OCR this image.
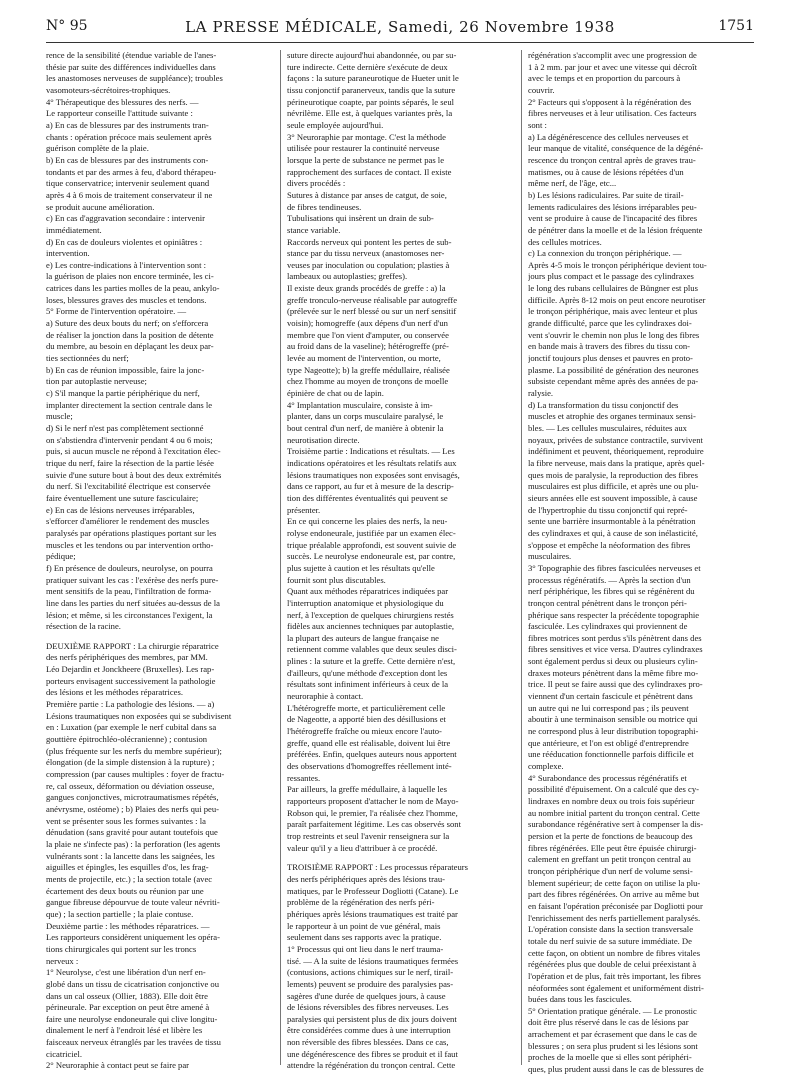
N° 95	LA PRESSE MÉDICALE, Samedi, 26 Novembre 1938	1751
rence de la sensibilité (étendue variable de l'anes-
thésie par suite des différences individuelles dans
les anastomoses nerveuses de suppléance); troubles
vasomoteurs-sécrétoires-trophiques.
4° Thérapeutique des blessures des nerfs. —
Le rapporteur conseille l'attitude suivante :
a) En cas de blessures par des instruments tran-
chants : opération précoce mais seulement après
guérison complète de la plaie.
b) En cas de blessures par des instruments con-
tondants et par des armes à feu, d'abord thérapeu-
tique conservatrice; intervenir seulement quand
après 4 à 6 mois de traitement conservateur il ne
se produit aucune amélioration.
c) En cas d'aggravation secondaire : intervenir
immédiatement.
d) En cas de douleurs violentes et opiniâtres :
intervention.
e) Les contre-indications à l'intervention sont :
la guérison de plaies non encore terminée, les ci-
catrices dans les parties molles de la peau, ankylo-
loses, blessures graves des muscles et tendons.
5° Forme de l'intervention opératoire. —
a) Suture des deux bouts du nerf; on s'efforcera
de réaliser la jonction dans la position de détente
du membre, au besoin en déplaçant les deux par-
ties sectionnées du nerf;
b) En cas de réunion impossible, faire la jonc-
tion par autoplastie nerveuse;
c) S'il manque la partie périphérique du nerf,
implanter directement la section centrale dans le
muscle;
d) Si le nerf n'est pas complètement sectionné
on s'abstiendra d'intervenir pendant 4 ou 6 mois;
puis, si aucun muscle ne répond à l'excitation élec-
trique du nerf, faire la résection de la partie lésée
suivie d'une suture bout à bout des deux extrémités
du nerf. Si l'excitabilité électrique est conservée
faire éventuellement une suture fasciculaire;
e) En cas de lésions nerveuses irréparables,
s'efforcer d'améliorer le rendement des muscles
paralysés par opérations plastiques portant sur les
muscles et les tendons ou par intervention ortho-
pédique;
f) En présence de douleurs, neurolyse, on pourra
pratiquer suivant les cas : l'exérèse des nerfs pure-
ment sensitifs de la peau, l'infiltration de forma-
line dans les parties du nerf situées au-dessus de la
lésion; et même, si les circonstances l'exigent, la
résection de la racine.
DEUXIÈME RAPPORT : La chirurgie réparatrice
des nerfs périphériques des membres, par MM.
Léo Dejardin et Jonckheere (Bruxelles). Les rap-
porteurs envisagent successivement la pathologie
des lésions et les méthodes réparatrices.
Première partie : La pathologie des lésions. — a)
Lésions traumatiques non exposées qui se subdivisent
en : Luxation (par exemple le nerf cubital dans sa
gouttière épitrochléo-olécranienne) ; contusion
(plus fréquente sur les nerfs du membre supérieur);
élongation (de la simple distension à la rupture) ;
compression (par causes multiples : foyer de fractu-
re, cal osseux, déformation ou déviation osseuse,
gangues conjonctives, microtraumatismes répétés,
anévrysme, ostéome) ; b) Plaies des nerfs qui peu-
vent se présenter sous les formes suivantes : la
dénudation (sans gravité pour autant toutefois que
la plaie ne s'infecte pas) : la perforation (les agents
vulnérants sont : la lancette dans les saignées, les
aiguilles et épingles, les esquilles d'os, les frag-
ments de projectile, etc.) ; la section totale (avec
écartement des deux bouts ou réunion par une
gangue fibreuse dépourvue de toute valeur névriti-
que) ; la section partielle ; la plaie contuse.
Deuxième partie : les méthodes réparatrices. —
Les rapporteurs considèrent uniquement les opéra-
tions chirurgicales qui portent sur les troncs
nerveux :
1° Neurolyse, c'est une libération d'un nerf en-
globé dans un tissu de cicatrisation conjonctive ou
dans un cal osseux (Ollier, 1883). Elle doit être
périneurale. Par exception on peut être amené à
faire une neurolyse endoneurale qui clive longitu-
dinalement le nerf à l'endroit lésé et libère les
faisceaux nerveux étranglés par les travées de tissu
cicatriciel.
2° Neuroraphie à contact peut se faire par
suture directe aujourd'hui abandonnée, ou par su-
ture indirecte. Cette dernière s'exécute de deux
façons : la suture paraneurotique de Hueter unit le
tissu conjonctif paranerveux, tandis que la suture
périneurotique coapte, par points séparés, le seul
névrilème. Elle est, à quelques variantes près, la
seule employée aujourd'hui.
3° Neuroraphie par montage. C'est la méthode
utilisée pour restaurer la continuité nerveuse
lorsque la perte de substance ne permet pas le
rapprochement des surfaces de contact. Il existe
divers procédés :
Sutures à distance par anses de catgut, de soie,
de fibres tendineuses.
Tubulisations qui insèrent un drain de sub-
stance variable.
Raccords nerveux qui pontent les pertes de sub-
stance par du tissu nerveux (anastomoses ner-
veuses par inoculation ou copulation; plasties à
lambeaux ou autoplasties; greffes).
Il existe deux grands procédés de greffe : a) la
greffe tronculo-nerveuse réalisable par autogreffe
(prélevée sur le nerf blessé ou sur un nerf sensitif
voisin); homogreffe (aux dépens d'un nerf d'un
membre que l'on vient d'amputer, ou conservée
au froid dans de la vaseline); hétérogreffe (pré-
levée au moment de l'intervention, ou morte,
type Nageotte); b) la greffe médullaire, réalisée
chez l'homme au moyen de tronçons de moelle
épinière de chat ou de lapin.
4° Implantation musculaire, consiste à im-
planter, dans un corps musculaire paralysé, le
bout central d'un nerf, de manière à obtenir la
neurotisation directe.
Troisième partie : Indications et résultats. — Les
indications opératoires et les résultats relatifs aux
lésions traumatiques non exposées sont envisagés,
dans ce rapport, au fur et à mesure de la descrip-
tion des différentes éventualités qui peuvent se
présenter.
En ce qui concerne les plaies des nerfs, la neu-
rolyse endoneurale, justifiée par un examen élec-
trique préalable approfondi, est souvent suivie de
succès. Le neurolyse endoneurale est, par contre,
plus sujette à caution et les résultats qu'elle
fournit sont plus discutables.
Quant aux méthodes réparatrices indiquées par
l'interruption anatomique et physiologique du
nerf, à l'exception de quelques chirurgiens restés
fidèles aux anciennes techniques par autoplastie,
la plupart des auteurs de langue française ne
retiennent comme valables que deux seules disci-
plines : la suture et la greffe. Cette dernière n'est,
d'ailleurs, qu'une méthode d'exception dont les
résultats sont infiniment inférieurs à ceux de la
neuroraphie à contact.
L'hétérogreffe morte, et particulièrement celle
de Nageotte, a apporté bien des désillusions et
l'hétérogreffe fraîche ou mieux encore l'auto-
greffe, quand elle est réalisable, doivent lui être
préférées. Enfin, quelques auteurs nous apportent
des observations d'homogreffes réellement inté-
ressantes.
Par ailleurs, la greffe médullaire, à laquelle les
rapporteurs proposent d'attacher le nom de Mayo-
Robson qui, le premier, l'a réalisée chez l'homme,
paraît parfaitement légitime. Les cas observés sont
trop restreints et seul l'avenir renseignera sur la
valeur qu'il y a lieu d'attribuer à ce procédé.
TROISIÈME RAPPORT : Les processus réparateurs
des nerfs périphériques après des lésions trau-
matiques, par le Professeur Dogliotti (Catane). Le
problème de la régénération des nerfs péri-
phériques après lésions traumatiques est traité par
le rapporteur à un point de vue général, mais
seulement dans ses rapports avec la pratique.
1° Processus qui ont lieu dans le nerf trauma-
tisé. — A la suite de lésions traumatiques fermées
(contusions, actions chimiques sur le nerf, tirail-
lements) peuvent se produire des paralysies pas-
sagères d'une durée de quelques jours, à cause
de lésions réversibles des fibres nerveuses. Les
paralysies qui persistent plus de dix jours doivent
être considérées comme dues à une interruption
non réversible des fibres blessées. Dans ce cas,
une dégénérescence des fibres se produit et il faut
attendre la régénération du tronçon central. Cette
régénération s'accomplit avec une progression de
1 à 2 mm. par jour et avec une vitesse qui décroît
avec le temps et en proportion du parcours à
couvrir.
2° Facteurs qui s'opposent à la régénération des
fibres nerveuses et à leur utilisation. Ces facteurs
sont :
a) La dégénérescence des cellules nerveuses et
leur manque de vitalité, conséquence de la dégéné-
rescence du tronçon central après de graves trau-
matismes, ou à cause de lésions répétées d'un
même nerf, de l'âge, etc...
b) Les lésions radiculaires. Par suite de tirail-
lements radiculaires des lésions irréparables peu-
vent se produire à cause de l'incapacité des fibres
de pénétrer dans la moelle et de la lésion fréquente
des cellules motrices.
c) La connexion du tronçon périphérique. —
Après 4-5 mois le tronçon périphérique devient tou-
jours plus compact et le passage des cylindraxes
le long des rubans cellulaires de Büngner est plus
difficile. Après 8-12 mois on peut encore neurotiser
le tronçon périphérique, mais avec lenteur et plus
grande difficulté, parce que les cylindraxes doi-
vent s'ouvrir le chemin non plus le long des fibres
en bande mais à travers des fibres du tissu con-
jonctif toujours plus denses et pauvres en proto-
plasme. La possibilité de génération des neurones
subsiste cependant même après des années de pa-
ralysie.
d) La transformation du tissu conjonctif des
muscles et atrophie des organes terminaux sensi-
bles. — Les cellules musculaires, réduites aux
noyaux, privées de substance contractile, survivent
indéfiniment et peuvent, théoriquement, reproduire
la fibre nerveuse, mais dans la pratique, après quel-
ques mois de paralysie, la reproduction des fibres
musculaires est plus difficile, et après une ou plu-
sieurs années elle est souvent impossible, à cause
de l'hypertrophie du tissu conjonctif qui repré-
sente une barrière insurmontable à la pénétration
des cylindraxes et qui, à cause de son inélasticité,
s'oppose et empêche la néoformation des fibres
musculaires.
3° Topographie des fibres fasciculées nerveuses et
processus régénératifs. — Après la section d'un
nerf périphérique, les fibres qui se régénèrent du
tronçon central pénètrent dans le tronçon péri-
phérique sans respecter la précédente topographie
fasciculée. Les cylindraxes qui proviennent de
fibres motrices sont perdus s'ils pénètrent dans des
fibres sensitives et vice versa. D'autres cylindraxes
sont également perdus si deux ou plusieurs cylin-
draxes moteurs pénètrent dans la même fibre mo-
trice. Il peut se faire aussi que des cylindraxes pro-
viennent d'un certain fascicule et pénètrent dans
un autre qui ne lui correspond pas ; ils peuvent
aboutir à une terminaison sensible ou motrice qui
ne correspond plus à leur distribution topographi-
que antérieure, et l'on est obligé d'entreprendre
une rééducation fonctionnelle parfois difficile et
complexe.
4° Surabondance des processus régénératifs et
possibilité d'épuisement. On a calculé que des cy-
lindraxes en nombre deux ou trois fois supérieur
au nombre initial partent du tronçon central. Cette
surabondance régénérative sert à compenser la dis-
persion et la perte de fonctions de beaucoup des
fibres régénérées. Elle peut être épuisée chirurgi-
calement en greffant un petit tronçon central au
tronçon périphérique d'un nerf de volume sensi-
blement supérieur; de cette façon on utilise la plu-
part des fibres régénérées. On arrive au même but
en faisant l'opération préconisée par Dogliotti pour
l'enrichissement des nerfs partiellement paralysés.
L'opération consiste dans la section transversale
totale du nerf suivie de sa suture immédiate. De
cette façon, on obtient un nombre de fibres vitales
régénérées plus que double de celui préexistant à
l'opération et de plus, fait très important, les fibres
néoformées sont également et uniformément distri-
buées dans tous les fascicules.
5° Orientation pratique générale. — Le pronostic
doit être plus réservé dans le cas de lésions par
arrachement et par écrasement que dans le cas de
blessures ; on sera plus prudent si les lésions sont
proches de la moelle que si elles sont périphéri-
ques, plus prudent aussi dans le cas de blessures de
